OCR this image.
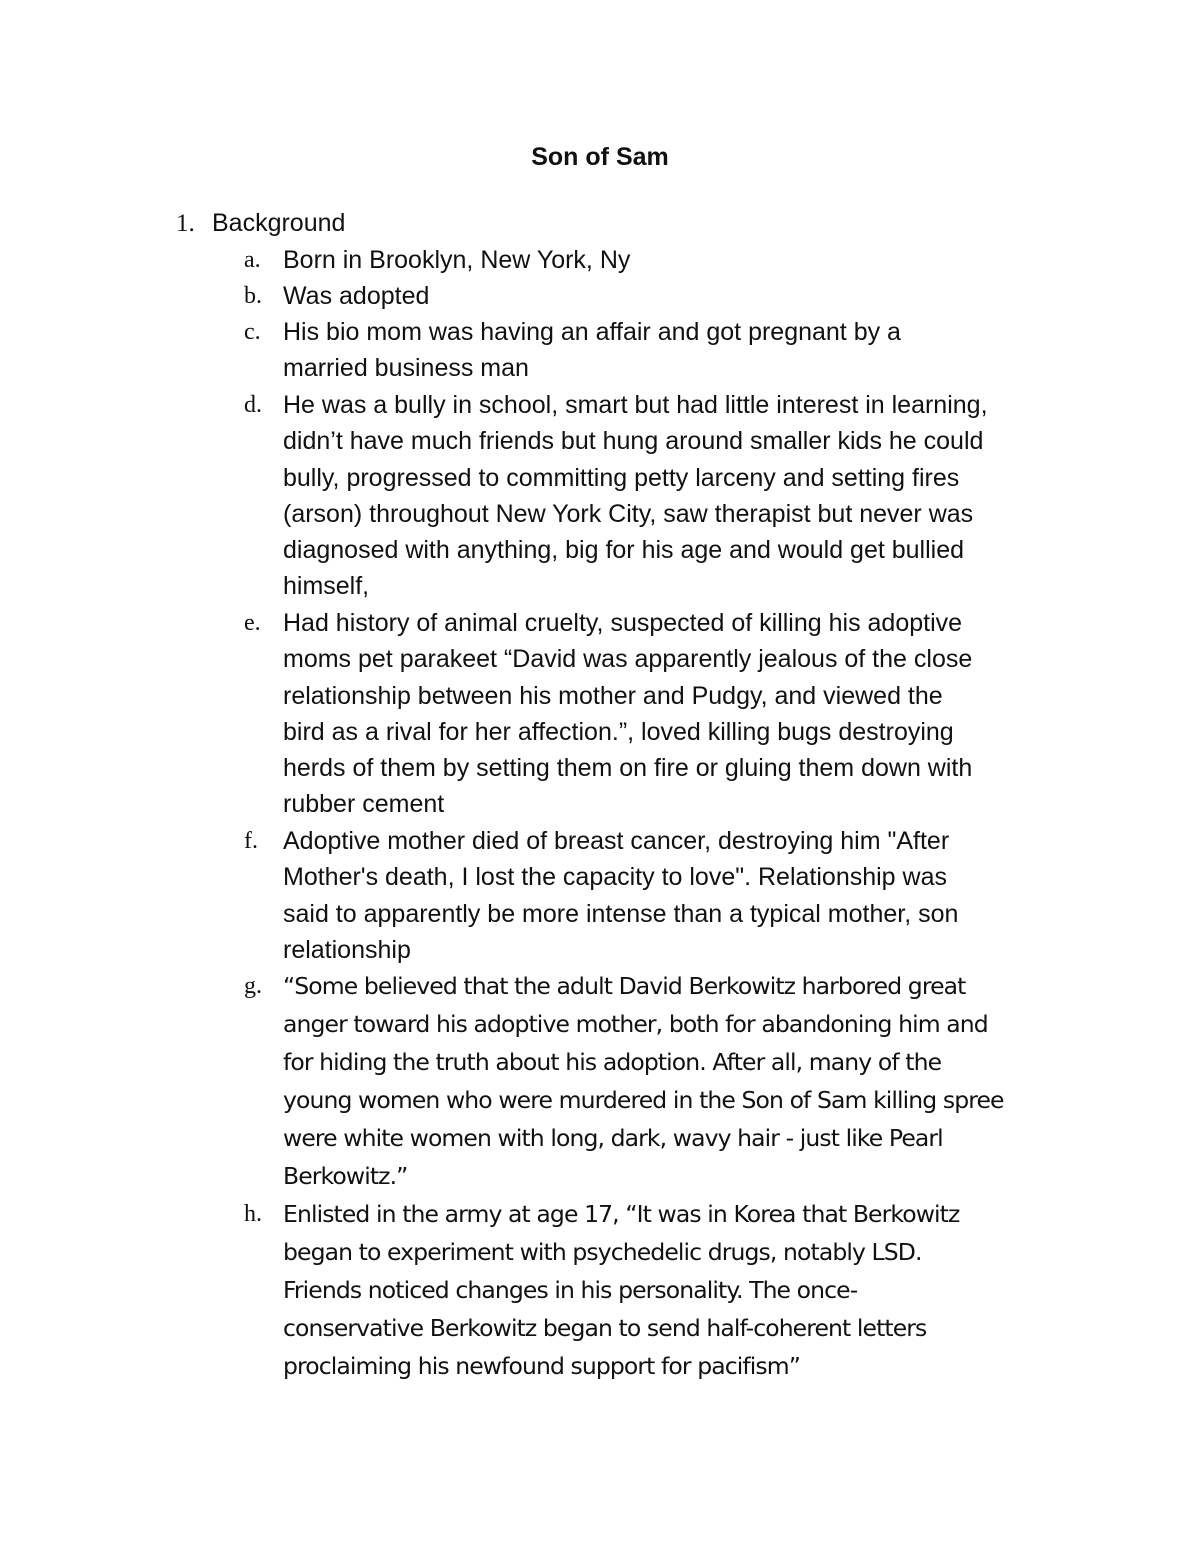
Son of Sam
1. Background
a. Born in Brooklyn, New York, Ny
b. Was adopted
c. His bio mom was having an affair and got pregnant by a
married business man
d. He was a bully in school, smart but had little interest in learning,
didn’t have much friends but hung around smaller kids he could
bully, progressed to committing petty larceny and setting fires
(arson) throughout New York City, saw therapist but never was
diagnosed with anything, big for his age and would get bullied
himself,
e. Had history of animal cruelty, suspected of killing his adoptive
moms pet parakeet “David was apparently jealous of the close
relationship between his mother and Pudgy, and viewed the
bird as a rival for her affection.”, loved killing bugs destroying
herds of them by setting them on fire or gluing them down with
rubber cement
f. Adoptive mother died of breast cancer, destroying him "After
Mother's death, I lost the capacity to love". Relationship was
said to apparently be more intense than a typical mother, son
relationship
g. “Some believed that the adult David Berkowitz harbored great
anger toward his adoptive mother, both for abandoning him and
for hiding the truth about his adoption. After all, many of the
young women who were murdered in the Son of Sam killing spree
were white women with long, dark, wavy hair - just like Pearl
Berkowitz.”
h. Enlisted in the army at age 17, “It was in Korea that Berkowitz
began to experiment with psychedelic drugs, notably LSD.
Friends noticed changes in his personality. The once-
conservative Berkowitz began to send half-coherent letters
proclaiming his newfound support for pacifism”
